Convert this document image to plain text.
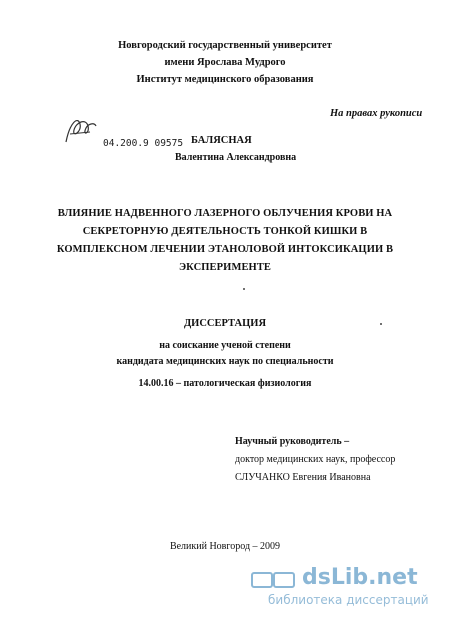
Новгородский государственный университет
имени Ярослава Мудрого
Институт медицинского образования
На правах рукописи
04.200.9 09575 БАЛЯСНАЯ
Валентина Александровна
ВЛИЯНИЕ НАДВЕННОГО ЛАЗЕРНОГО ОБЛУЧЕНИЯ КРОВИ НА
СЕКРЕТОРНУЮ ДЕЯТЕЛЬНОСТЬ ТОНКОЙ КИШКИ В
КОМПЛЕКСНОМ ЛЕЧЕНИИ ЭТАНОЛОВОЙ ИНТОКСИКАЦИИ В
ЭКСПЕРИМЕНТЕ
ДИССЕРТАЦИЯ
на соискание ученой степени
кандидата медицинских наук по специальности
14.00.16 – патологическая физиология
Научный руководитель –
доктор медицинских наук, профессор
СЛУЧАНКО Евгения Ивановна
Великий Новгород – 2009
dsLib.net
библиотека диссертаций
